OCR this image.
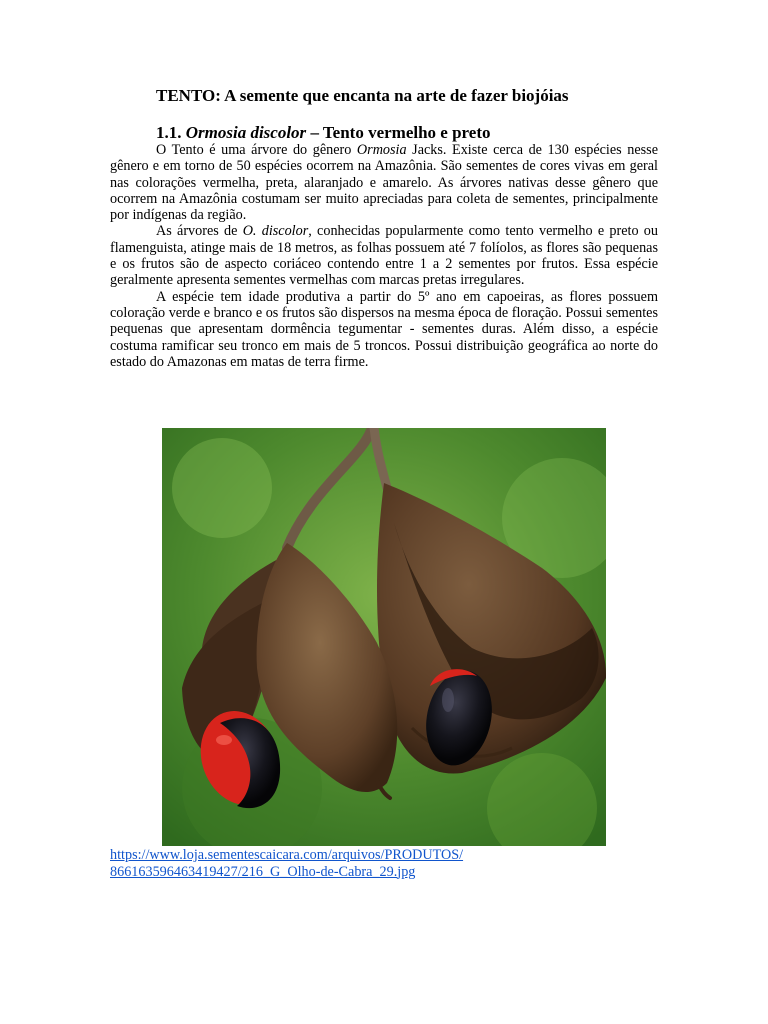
TENTO: A semente que encanta na arte de fazer biojóias
1.1. Ormosia discolor – Tento vermelho e preto

O Tento é uma árvore do gênero Ormosia Jacks. Existe cerca de 130 espécies nesse gênero e em torno de 50 espécies ocorrem na Amazônia. São sementes de cores vivas em geral nas colorações vermelha, preta, alaranjado e amarelo. As árvores nativas desse gênero que ocorrem na Amazônia costumam ser muito apreciadas para coleta de sementes, principalmente por indígenas da região.

As árvores de O. discolor, conhecidas popularmente como tento vermelho e preto ou flamenguista, atinge mais de 18 metros, as folhas possuem até 7 folíolos, as flores são pequenas e os frutos são de aspecto coriáceo contendo entre 1 a 2 sementes por frutos. Essa espécie geralmente apresenta sementes vermelhas com marcas pretas irregulares.

A espécie tem idade produtiva a partir do 5º ano em capoeiras, as flores possuem coloração verde e branco e os frutos são dispersos na mesma época de floração. Possui sementes pequenas que apresentam dormência tegumentar - sementes duras. Além disso, a espécie costuma ramificar seu tronco em mais de 5 troncos. Possui distribuição geográfica ao norte do estado do Amazonas em matas de terra firme.

https://www.loja.sementescaicara.com/arquivos/PRODUTOS/
866163596463419427/216_G_Olho-de-Cabra_29.jpg
